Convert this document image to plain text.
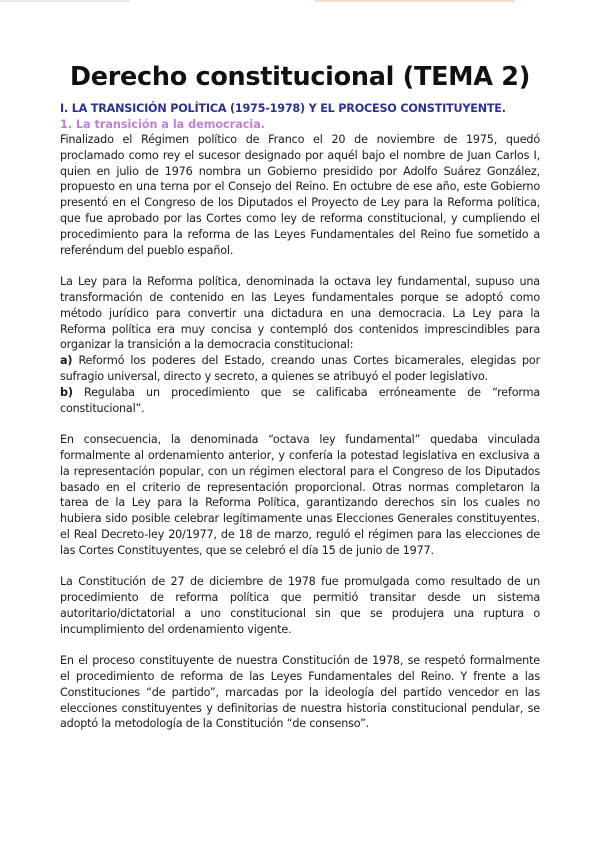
Derecho constitucional (TEMA 2)

I. LA TRANSICIÓN POLÍTICA (1975-1978) Y EL PROCESO CONSTITUYENTE.

1. La transición a la democracia.

Finalizado el Régimen político de Franco el 20 de noviembre de 1975, quedó proclamado como rey el sucesor designado por aquél bajo el nombre de Juan Carlos I, quien en julio de 1976 nombra un Gobierno presidido por Adolfo Suárez González, propuesto en una terna por el Consejo del Reino. En octubre de ese año, este Gobierno presentó en el Congreso de los Diputados el Proyecto de Ley para la Reforma política, que fue aprobado por las Cortes como ley de reforma constitucional, y cumpliendo el procedimiento para la reforma de las Leyes Fundamentales del Reino fue sometido a referéndum del pueblo español.

La Ley para la Reforma política, denominada la octava ley fundamental, supuso una transformación de contenido en las Leyes fundamentales porque se adoptó como método jurídico para convertir una dictadura en una democracia. La Ley para la Reforma política era muy concisa y contempló dos contenidos imprescindibles para organizar la transición a la democracia constitucional:

a) Reformó los poderes del Estado, creando unas Cortes bicamerales, elegidas por sufragio universal, directo y secreto, a quienes se atribuyó el poder legislativo.

b) Regulaba un procedimiento que se calificaba erróneamente de “reforma constitucional”.

En consecuencia, la denominada “octava ley fundamental” quedaba vinculada formalmente al ordenamiento anterior, y confería la potestad legislativa en exclusiva a la representación popular, con un régimen electoral para el Congreso de los Diputados basado en el criterio de representación proporcional. Otras normas completaron la tarea de la Ley para la Reforma Política, garantizando derechos sin los cuales no hubiera sido posible celebrar legítimamente unas Elecciones Generales constituyentes. el Real Decreto-ley 20/1977, de 18 de marzo, reguló el régimen para las elecciones de las Cortes Constituyentes, que se celebró el día 15 de junio de 1977.

La Constitución de 27 de diciembre de 1978 fue promulgada como resultado de un procedimiento de reforma política que permitió transitar desde un sistema autoritario/dictatorial a uno constitucional sin que se produjera una ruptura o incumplimiento del ordenamiento vigente.

En el proceso constituyente de nuestra Constitución de 1978, se respetó formalmente el procedimiento de reforma de las Leyes Fundamentales del Reino. Y frente a las Constituciones “de partido”, marcadas por la ideología del partido vencedor en las elecciones constituyentes y definitorias de nuestra historia constitucional pendular, se adoptó la metodología de la Constitución “de consenso”.
